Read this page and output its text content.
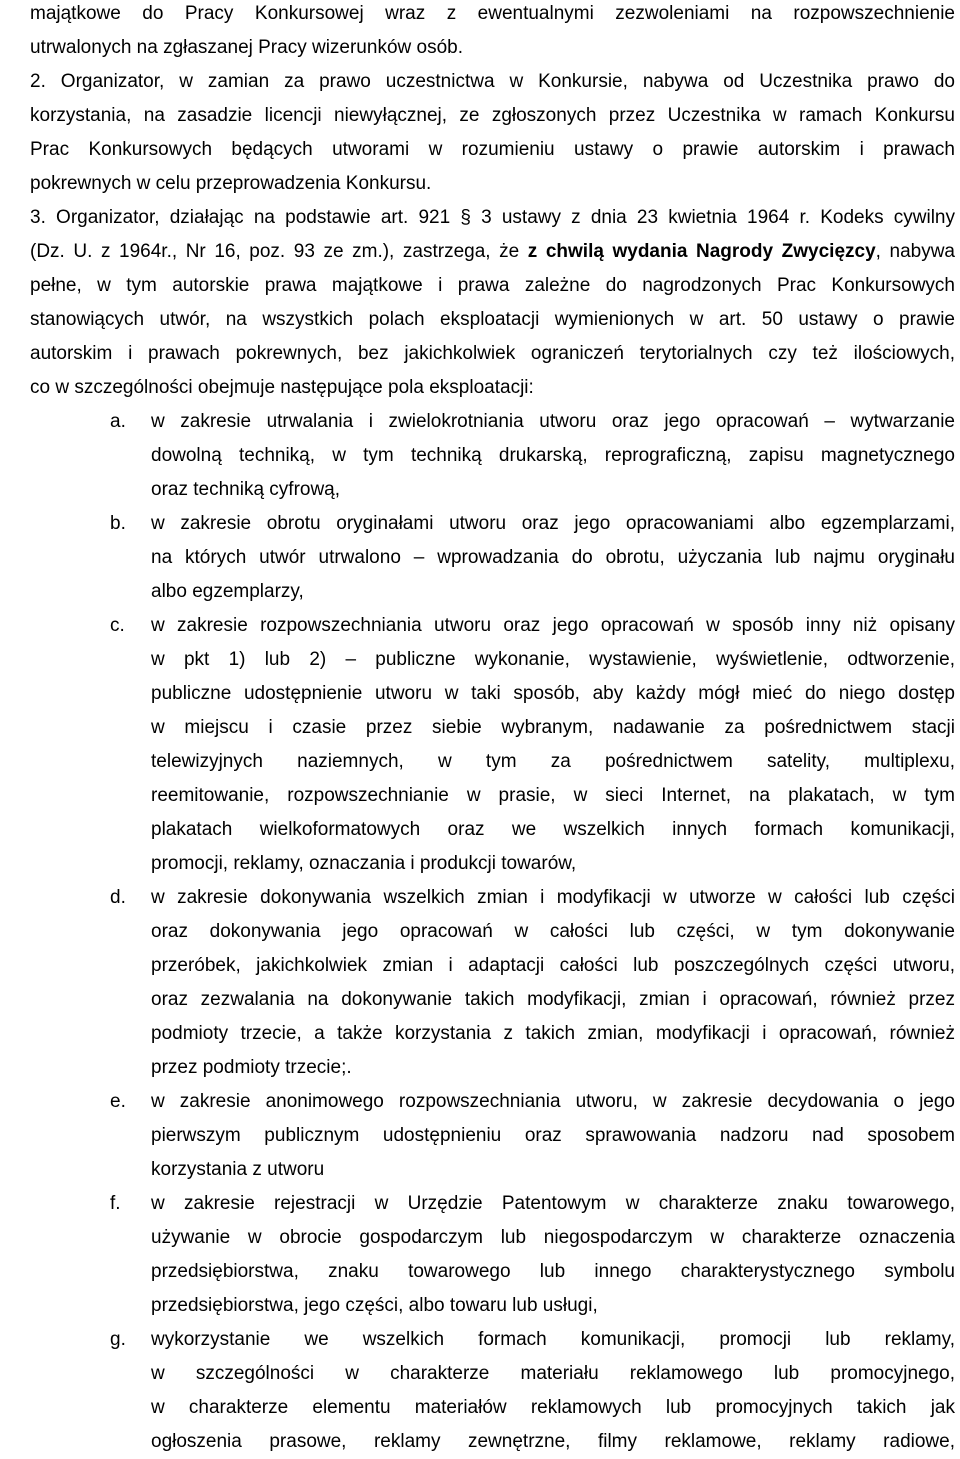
majątkowe do Pracy Konkursowej wraz z ewentualnymi zezwoleniami na rozpowszechnienie
utrwalonych na zgłaszanej Pracy wizerunków osób.
2. Organizator, w zamian za prawo uczestnictwa w Konkursie, nabywa od Uczestnika prawo do
korzystania, na zasadzie licencji niewyłącznej, ze zgłoszonych przez Uczestnika w ramach Konkursu
Prac Konkursowych będących utworami w rozumieniu ustawy o prawie autorskim i prawach
pokrewnych w celu przeprowadzenia Konkursu.
3. Organizator, działając na podstawie art. 921 § 3 ustawy z dnia 23 kwietnia 1964 r. Kodeks cywilny
(Dz. U. z 1964r., Nr 16, poz. 93 ze zm.), zastrzega, że z chwilą wydania Nagrody Zwycięzcy, nabywa
pełne, w tym autorskie prawa majątkowe i prawa zależne do nagrodzonych Prac Konkursowych
stanowiących utwór, na wszystkich polach eksploatacji wymienionych w art. 50 ustawy o prawie
autorskim i prawach pokrewnych, bez jakichkolwiek ograniczeń terytorialnych czy też ilościowych,
co w szczególności obejmuje następujące pola eksploatacji:
a. w zakresie utrwalania i zwielokrotniania utworu oraz jego opracowań – wytwarzanie
dowolną techniką, w tym techniką drukarską, reprograficzną, zapisu magnetycznego
oraz techniką cyfrową,
b. w zakresie obrotu oryginałami utworu oraz jego opracowaniami albo egzemplarzami,
na których utwór utrwalono – wprowadzania do obrotu, użyczania lub najmu oryginału
albo egzemplarzy,
c. w zakresie rozpowszechniania utworu oraz jego opracowań w sposób inny niż opisany
w pkt 1) lub 2) – publiczne wykonanie, wystawienie, wyświetlenie, odtworzenie,
publiczne udostępnienie utworu w taki sposób, aby każdy mógł mieć do niego dostęp
w miejscu i czasie przez siebie wybranym, nadawanie za pośrednictwem stacji
telewizyjnych naziemnych, w tym za pośrednictwem satelity, multiplexu,
reemitowanie, rozpowszechnianie w prasie, w sieci Internet, na plakatach, w tym
plakatach wielkoformatowych oraz we wszelkich innych formach komunikacji,
promocji, reklamy, oznaczania i produkcji towarów,
d. w zakresie dokonywania wszelkich zmian i modyfikacji w utworze w całości lub części
oraz dokonywania jego opracowań w całości lub części, w tym dokonywanie
przeróbek, jakichkolwiek zmian i adaptacji całości lub poszczególnych części utworu,
oraz zezwalania na dokonywanie takich modyfikacji, zmian i opracowań, również przez
podmioty trzecie, a także korzystania z takich zmian, modyfikacji i opracowań, również
przez podmioty trzecie;.
e. w zakresie anonimowego rozpowszechniania utworu, w zakresie decydowania o jego
pierwszym publicznym udostępnieniu oraz sprawowania nadzoru nad sposobem
korzystania z utworu
f. w zakresie rejestracji w Urzędzie Patentowym w charakterze znaku towarowego,
używanie w obrocie gospodarczym lub niegospodarczym w charakterze oznaczenia
przedsiębiorstwa, znaku towarowego lub innego charakterystycznego symbolu
przedsiębiorstwa, jego części, albo towaru lub usługi,
g. wykorzystanie we wszelkich formach komunikacji, promocji lub reklamy,
w szczególności w charakterze materiału reklamowego lub promocyjnego,
w charakterze elementu materiałów reklamowych lub promocyjnych takich jak
ogłoszenia prasowe, reklamy zewnętrzne, filmy reklamowe, reklamy radiowe,
